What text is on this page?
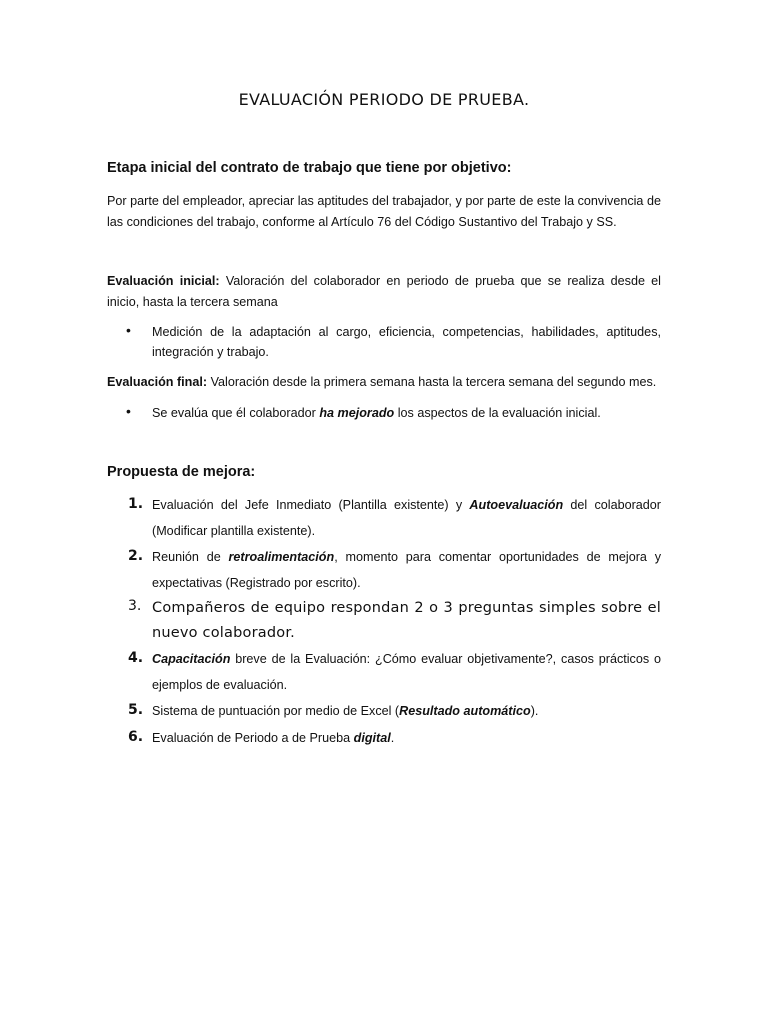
EVALUACIÓN PERIODO DE PRUEBA.
Etapa inicial del contrato de trabajo que tiene por objetivo:
Por parte del empleador, apreciar las aptitudes del trabajador, y por parte de este la convivencia de las condiciones del trabajo, conforme al Artículo 76 del Código Sustantivo del Trabajo y SS.
Evaluación inicial: Valoración del colaborador en periodo de prueba que se realiza desde el inicio, hasta la tercera semana
• Medición de la adaptación al cargo, eficiencia, competencias, habilidades, aptitudes, integración y trabajo.
Evaluación final: Valoración desde la primera semana hasta la tercera semana del segundo mes.
• Se evalúa que él colaborador ha mejorado los aspectos de la evaluación inicial.
Propuesta de mejora:
1. Evaluación del Jefe Inmediato (Plantilla existente) y Autoevaluación del colaborador (Modificar plantilla existente).
2. Reunión de retroalimentación, momento para comentar oportunidades de mejora y expectativas (Registrado por escrito).
3. Compañeros de equipo respondan 2 o 3 preguntas simples sobre el nuevo colaborador.
4. Capacitación breve de la Evaluación: ¿Cómo evaluar objetivamente?, casos prácticos o ejemplos de evaluación.
5. Sistema de puntuación por medio de Excel (Resultado automático).
6. Evaluación de Periodo a de Prueba digital.
